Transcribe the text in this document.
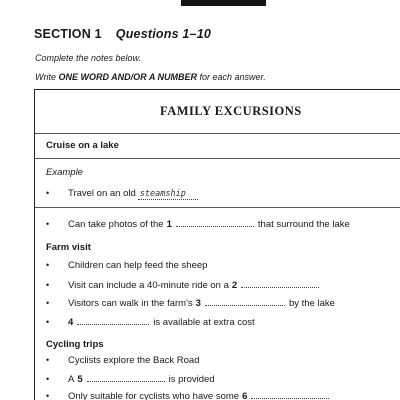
SECTION 1 Questions 1–10
Complete the notes below.
Write ONE WORD AND/OR A NUMBER for each answer.
FAMILY EXCURSIONS
Cruise on a lake
Example
•	Travel on an old steamship
•	Can take photos of the 1	that surround the lake
Farm visit
•	Children can help feed the sheep
•	Visit can include a 40-minute ride on a 2
•	Visitors can walk in the farm's 3	by the lake
•	4	is available at extra cost
Cycling trips
•	Cyclists explore the Back Road
•	A 5	is provided
•	Only suitable for cyclists who have some 6
